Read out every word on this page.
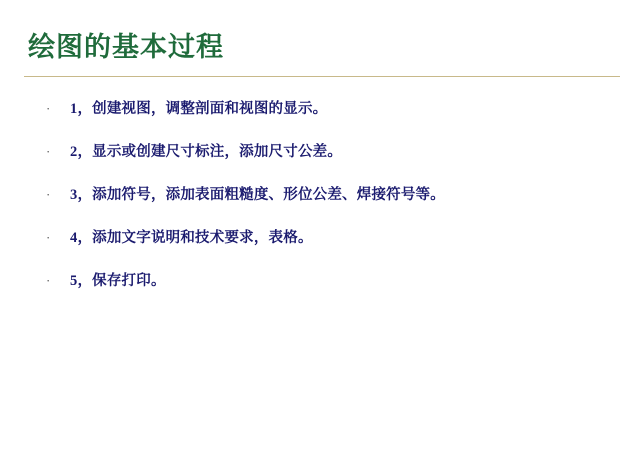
绘图的基本过程
·	1，创建视图，调整剖面和视图的显示。
·	2，显示或创建尺寸标注，添加尺寸公差。
·	3，添加符号，添加表面粗糙度、形位公差、焊接符号等。
·	4，添加文字说明和技术要求，表格。
·	5，保存打印。
